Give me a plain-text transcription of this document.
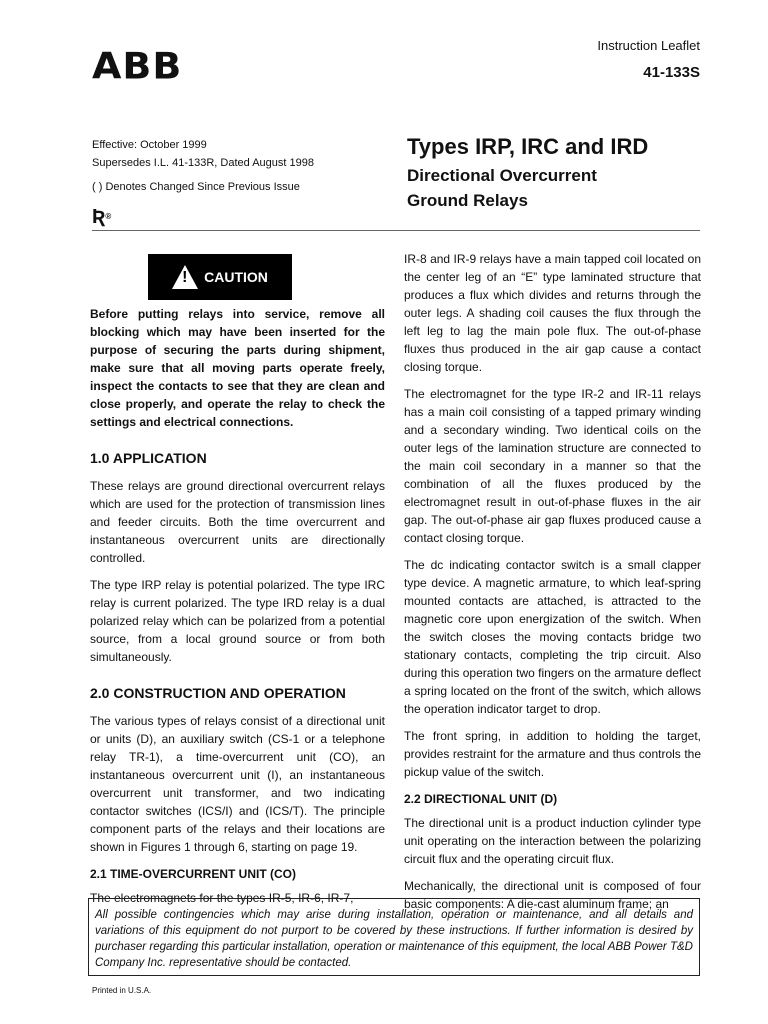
ABB	Instruction Leaflet
41-133S
Effective: October 1999
Supersedes I.L. 41-133R, Dated August 1998
( ) Denotes Changed Since Previous Issue
Ʀ®
Types IRP, IRC and IRD
Directional Overcurrent
Ground Relays
! CAUTION

Before putting relays into service, remove all blocking which may have been inserted for the purpose of securing the parts during shipment, make sure that all moving parts operate freely, inspect the contacts to see that they are clean and close properly, and operate the relay to check the settings and electrical connections.

1.0 APPLICATION

These relays are ground directional overcurrent relays which are used for the protection of transmission lines and feeder circuits. Both the time overcurrent and instantaneous overcurrent units are directionally controlled.

The type IRP relay is potential polarized. The type IRC relay is current polarized. The type IRD relay is a dual polarized relay which can be polarized from a potential source, from a local ground source or from both simultaneously.

2.0 CONSTRUCTION AND OPERATION

The various types of relays consist of a directional unit or units (D), an auxiliary switch (CS-1 or a telephone relay TR-1), a time-overcurrent unit (CO), an instantaneous overcurrent unit (I), an instantaneous overcurrent unit transformer, and two indicating contactor switches (ICS/I) and (ICS/T). The principle component parts of the relays and their locations are shown in Figures 1 through 6, starting on page 19.

2.1 TIME-OVERCURRENT UNIT (CO)

The electromagnets for the types IR-5, IR-6, IR-7,

IR-8 and IR-9 relays have a main tapped coil located on the center leg of an “E” type laminated structure that produces a flux which divides and returns through the outer legs. A shading coil causes the flux through the left leg to lag the main pole flux. The out-of-phase fluxes thus produced in the air gap cause a contact closing torque.

The electromagnet for the type IR-2 and IR-11 relays has a main coil consisting of a tapped primary winding and a secondary winding. Two identical coils on the outer legs of the lamination structure are connected to the main coil secondary in a manner so that the combination of all the fluxes produced by the electromagnet result in out-of-phase fluxes in the air gap. The out-of-phase air gap fluxes produced cause a contact closing torque.

The dc indicating contactor switch is a small clapper type device. A magnetic armature, to which leaf-spring mounted contacts are attached, is attracted to the magnetic core upon energization of the switch. When the switch closes the moving contacts bridge two stationary contacts, completing the trip circuit. Also during this operation two fingers on the armature deflect a spring located on the front of the switch, which allows the operation indicator target to drop.

The front spring, in addition to holding the target, provides restraint for the armature and thus controls the pickup value of the switch.

2.2 DIRECTIONAL UNIT (D)

The directional unit is a product induction cylinder type unit operating on the interaction between the polarizing circuit flux and the operating circuit flux.

Mechanically, the directional unit is composed of four basic components: A die-cast aluminum frame; an

All possible contingencies which may arise during installation, operation or maintenance, and all details and variations of this equipment do not purport to be covered by these instructions. If further information is desired by purchaser regarding this particular installation, operation or maintenance of this equipment, the local ABB Power T&D Company Inc. representative should be contacted.
Printed in U.S.A.
